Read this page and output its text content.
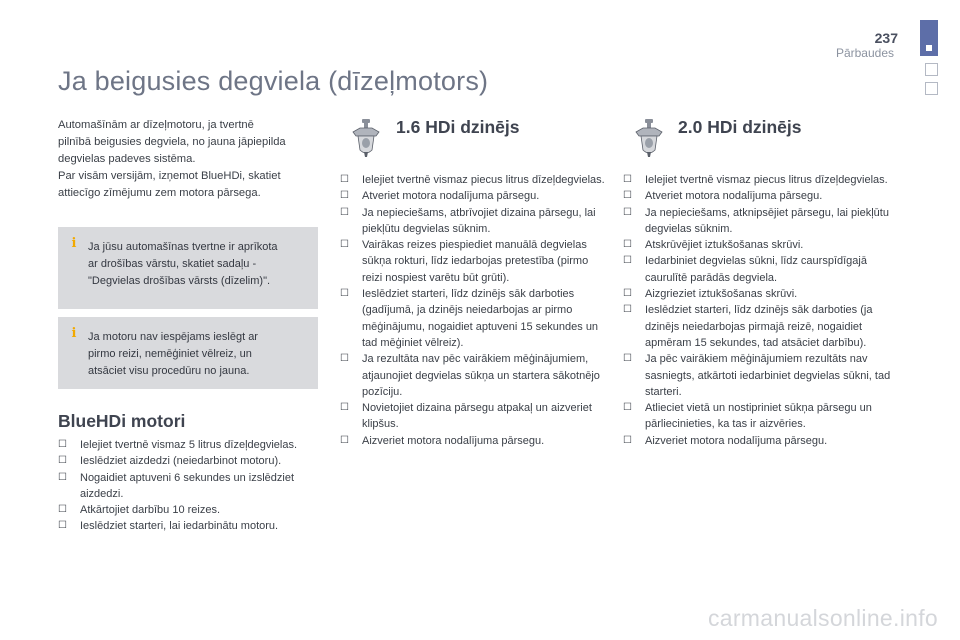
237
Pārbaudes
Ja beigusies degviela (dīzeļmotors)
Automašīnām ar dīzeļmotoru, ja tvertnē
pilnībā beigusies degviela, no jauna jāpiepilda
degvielas padeves sistēma.
Par visām versijām, izņemot BlueHDi, skatiet
attiecīgo zīmējumu zem motora pārsega.
i	Ja jūsu automašīnas tvertne ir aprīkota
ar drošības vārstu, skatiet sadaļu -
"Degvielas drošības vārsts (dīzelim)".
i	Ja motoru nav iespējams ieslēgt ar
pirmo reizi, nemēģiniet vēlreiz, un
atsāciet visu procedūru no jauna.
BlueHDi motori
☐ Ielejiet tvertnē vismaz 5 litrus dīzeļdegvielas.
☐ Ieslēdziet aizdedzi (neiedarbinot motoru).
☐ Nogaidiet aptuveni 6 sekundes un izslēdziet aizdedzi.
☐ Atkārtojiet darbību 10 reizes.
☐ Ieslēdziet starteri, lai iedarbinātu motoru.
1.6 HDi dzinējs
☐ Ielejiet tvertnē vismaz piecus litrus dīzeļdegvielas.
☐ Atveriet motora nodalījuma pārsegu.
☐ Ja nepieciešams, atbrīvojiet dizaina pārsegu, lai piekļūtu degvielas sūknim.
☐ Vairākas reizes piespiediet manuālā degvielas sūkņa rokturi, līdz iedarbojas pretestība (pirmo reizi nospiest varētu būt grūti).
☐ Ieslēdziet starteri, līdz dzinējs sāk darboties (gadījumā, ja dzinējs neiedarbojas ar pirmo mēģinājumu, nogaidiet aptuveni 15 sekundes un tad mēģiniet vēlreiz).
☐ Ja rezultāta nav pēc vairākiem mēģinājumiem, atjaunojiet degvielas sūkņa un startera sākotnējo pozīciju.
☐ Novietojiet dizaina pārsegu atpakaļ un aizveriet klipšus.
☐ Aizveriet motora nodalījuma pārsegu.
2.0 HDi dzinējs
☐ Ielejiet tvertnē vismaz piecus litrus dīzeļdegvielas.
☐ Atveriet motora nodalījuma pārsegu.
☐ Ja nepieciešams, atknipsējiet pārsegu, lai piekļūtu degvielas sūknim.
☐ Atskrūvējiet iztukšošanas skrūvi.
☐ Iedarbiniet degvielas sūkni, līdz caurspīdīgajā caurulītē parādās degviela.
☐ Aizgrieziet iztukšošanas skrūvi.
☐ Ieslēdziet starteri, līdz dzinējs sāk darboties (ja dzinējs neiedarbojas pirmajā reizē, nogaidiet apmēram 15 sekundes, tad atsāciet darbību).
☐ Ja pēc vairākiem mēģinājumiem rezultāts nav sasniegts, atkārtoti iedarbiniet degvielas sūkni, tad starteri.
☐ Atlieciet vietā un nostipriniet sūkņa pārsegu un pārliecinieties, ka tas ir aizvēries.
☐ Aizveriet motora nodalījuma pārsegu.
carmanualsonline.info
